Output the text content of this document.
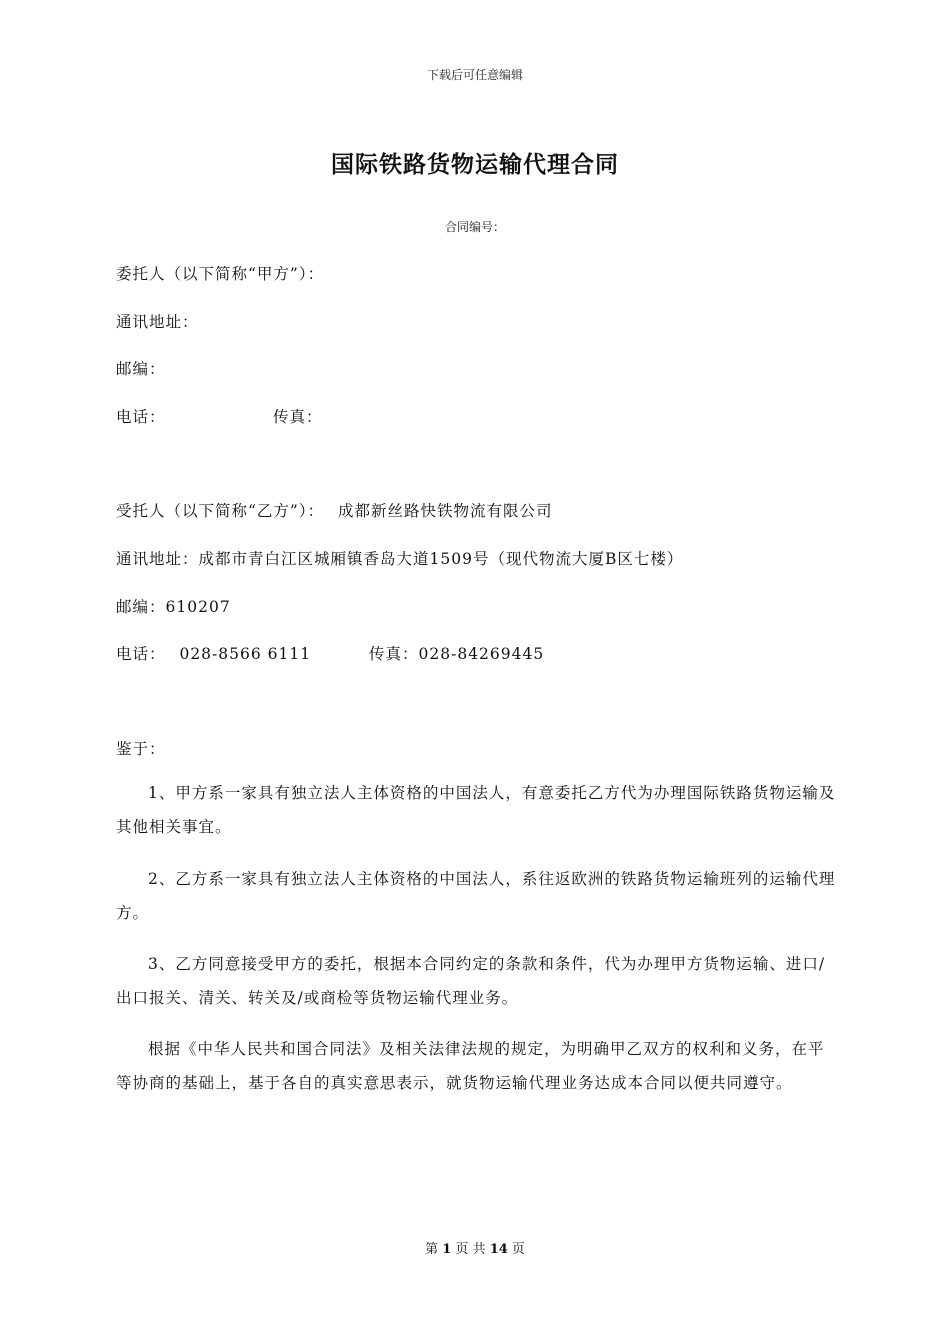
下载后可任意编辑
国际铁路货物运输代理合同
合同编号：
委托人（以下简称“甲方”）：
通讯地址：
邮编：
电话：	传真：
受托人（以下简称“乙方”）： 成都新丝路快铁物流有限公司
通讯地址：成都市青白江区城厢镇香岛大道1509号（现代物流大厦B区七楼）
邮编：610207
电话： 028-8566 6111	传真：028-84269445
鉴于：
1、甲方系一家具有独立法人主体资格的中国法人，有意委托乙方代为办理国际铁路货物运输及其他相关事宜。
2、乙方系一家具有独立法人主体资格的中国法人，系往返欧洲的铁路货物运输班列的运输代理方。
3、乙方同意接受甲方的委托，根据本合同约定的条款和条件，代为办理甲方货物运输、进口/出口报关、清关、转关及/或商检等货物运输代理业务。
根据《中华人民共和国合同法》及相关法律法规的规定，为明确甲乙双方的权利和义务，在平等协商的基础上，基于各自的真实意思表示，就货物运输代理业务达成本合同以便共同遵守。
第 1 页 共 14 页
